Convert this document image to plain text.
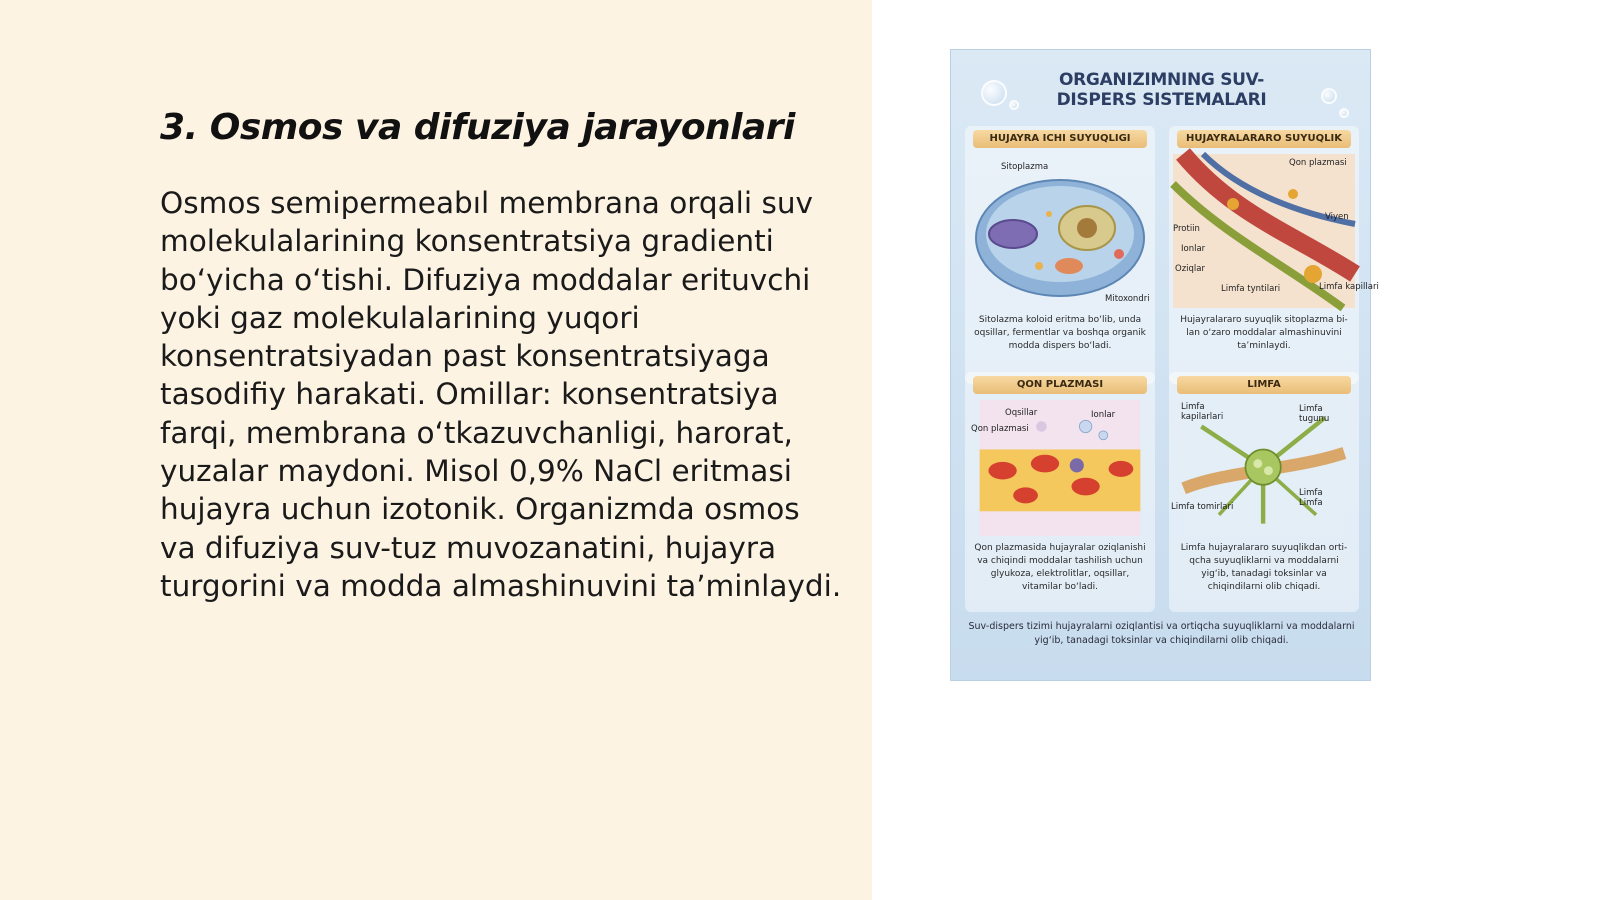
3. Osmos va difuziya jarayonlari

Osmos semipermeabıl membrana orqali suv molekulalarining konsentratsiya gradienti bo‘yicha o‘tishi. Difuziya moddalar erituvchi yoki gaz molekulalarining yuqori konsentratsiyadan past konsentratsiyaga tasodifiy harakati. Omillar: konsentratsiya farqi, membrana o‘tkazuvchanligi, harorat, yuzalar maydoni. Misol 0,9% NaCl eritmasi hujayra uchun izotonik. Organizmda osmos va difuziya suv-tuz muvozanatini, hujayra turgorini va modda almashinuvini ta’minlaydi.

ORGANIZIMNING SUV-
DISPERS SISTEMALARI
HUJAYRA ICHI SUYUQLIGI
Sitoplazma
Mitoxondri
Sitolazma koloid eritma bo‘lib, unda oqsillar, fermentlar va boshqa organik modda dispers bo‘ladi.
HUJAYRALARARO SUYUQLIK
Qon plazmasi
Viyen
Protiin
Ionlar
Oziqlar
Limfa tyntilari	Limfa kapillari
Hujayralararo suyuqlik sitoplazma bi-lan o‘zaro moddalar almashinuvini ta’minlaydi.
QON PLAZMASI
Oqsillar	Ionlar
Qon plazmasi
Qon plazmasida hujayralar oziqlanishi va chiqindi moddalar tashilish uchun glyukoza, elektrolitlar, oqsillar, vitamilar bo‘ladi.
LIMFA
Limfa kapilarlari
Limfa tugunu
Limfa tomirlari
Limfa Limfa
Limfa hujayralararo suyuqlikdan orti-qcha suyuqliklarni va moddalarni yig‘ib, tanadagi toksinlar va chiqindilarni olib chiqadi.
Suv-dispers tizimi hujayralarni oziqlantisi va ortiqcha suyuqliklarni va moddalarni yig‘ib, tanadagi toksinlar va chiqindilarni olib chiqadi.
